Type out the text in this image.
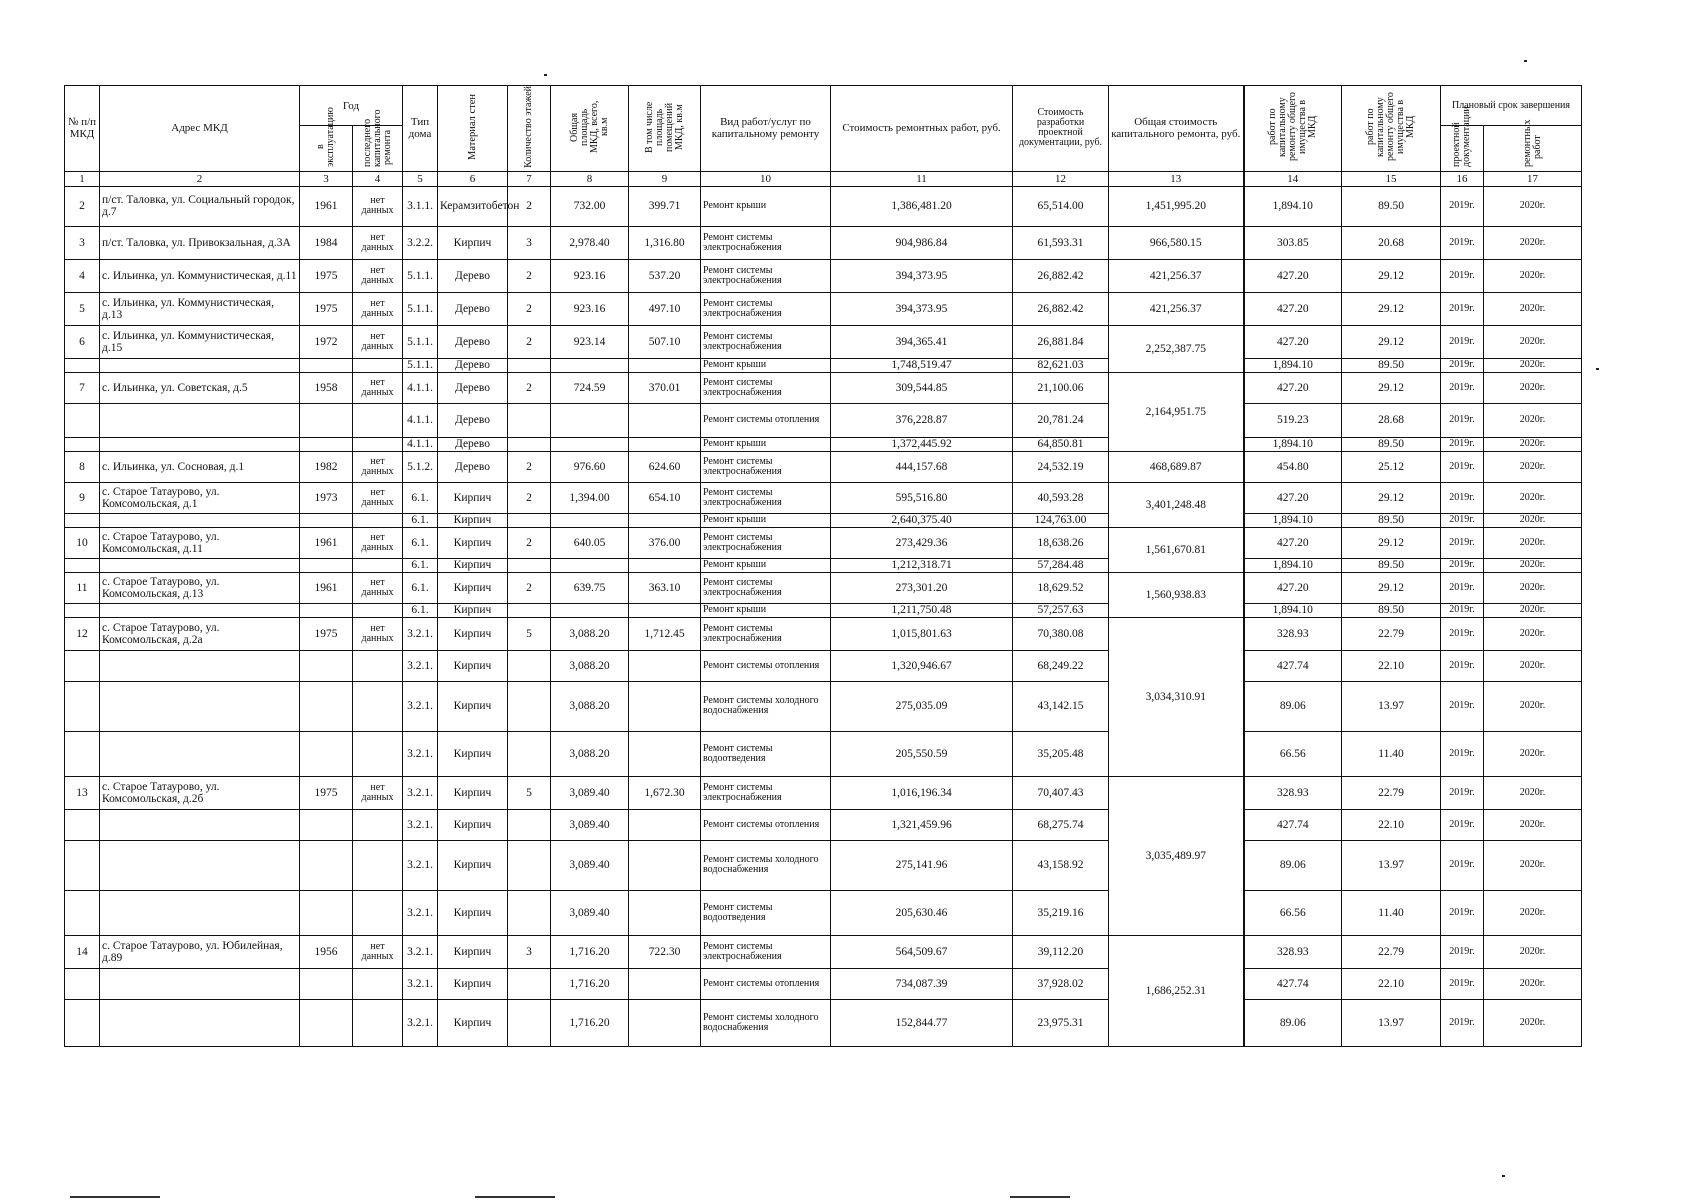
№ п/п МКД	Адрес МКД	Год		Тип дома	Материал стен	Количество этажей	Общая площадь МКД, всего, кв.м	В том числе площадь помещений МКД, кв.м	Вид работ/услуг по капитальному ремонту	Стоимость ремонтных работ, руб.	Стоимость разработки проектной документации, руб.	Общая стоимость капитального ремонта, руб.	работ по капитальному ремонту общего имущества в МКД	работ по капитальному ремонту общего имущества в МКД	Плановый срок завершения	
		в эксплуатацию	последнего капитального ремонта												проектной документации	ремонтных работ
1	2	3	4	5	6	7	8	9	10	11	12	13	14	15	16	17
2	п/ст. Таловка, ул. Социальный городок, д.7	1961	нет данных	3.1.1.	Керамзитобетон	2	732.00	399.71	Ремонт крыши	1,386,481.20	65,514.00	1,451,995.20	1,894.10	89.50	2019г.	2020г.
3	п/ст. Таловка, ул. Привокзальная, д.3А	1984	нет данных	3.2.2.	Кирпич	3	2,978.40	1,316.80	Ремонт системы электроснабжения	904,986.84	61,593.31	966,580.15	303.85	20.68	2019г.	2020г.
4	с. Ильинка, ул. Коммунистическая, д.11	1975	нет данных	5.1.1.	Дерево	2	923.16	537.20	Ремонт системы электроснабжения	394,373.95	26,882.42	421,256.37	427.20	29.12	2019г.	2020г.
5	с. Ильинка, ул. Коммунистическая, д.13	1975	нет данных	5.1.1.	Дерево	2	923.16	497.10	Ремонт системы электроснабжения	394,373.95	26,882.42	421,256.37	427.20	29.12	2019г.	2020г.
6	с. Ильинка, ул. Коммунистическая, д.15	1972	нет данных	5.1.1.	Дерево	2	923.14	507.10	Ремонт системы электроснабжения	394,365.41	26,881.84	2,252,387.75	427.20	29.12	2019г.	2020г.
				5.1.1.	Дерево				Ремонт крыши	1,748,519.47	82,621.03		1,894.10	89.50	2019г.	2020г.
7	с. Ильинка, ул. Советская, д.5	1958	нет данных	4.1.1.	Дерево	2	724.59	370.01	Ремонт системы электроснабжения	309,544.85	21,100.06	2,164,951.75	427.20	29.12	2019г.	2020г.
				4.1.1.	Дерево				Ремонт системы отопления	376,228.87	20,781.24		519.23	28.68	2019г.	2020г.
				4.1.1.	Дерево				Ремонт крыши	1,372,445.92	64,850.81		1,894.10	89.50	2019г.	2020г.
8	с. Ильинка, ул. Сосновая, д.1	1982	нет данных	5.1.2.	Дерево	2	976.60	624.60	Ремонт системы электроснабжения	444,157.68	24,532.19	468,689.87	454.80	25.12	2019г.	2020г.
9	с. Старое Татаурово, ул. Комсомольская, д.1	1973	нет данных	6.1.	Кирпич	2	1,394.00	654.10	Ремонт системы электроснабжения	595,516.80	40,593.28	3,401,248.48	427.20	29.12	2019г.	2020г.
				6.1.	Кирпич				Ремонт крыши	2,640,375.40	124,763.00		1,894.10	89.50	2019г.	2020г.
10	с. Старое Татаурово, ул. Комсомольская, д.11	1961	нет данных	6.1.	Кирпич	2	640.05	376.00	Ремонт системы электроснабжения	273,429.36	18,638.26	1,561,670.81	427.20	29.12	2019г.	2020г.
				6.1.	Кирпич				Ремонт крыши	1,212,318.71	57,284.48		1,894.10	89.50	2019г.	2020г.
11	с. Старое Татаурово, ул. Комсомольская, д.13	1961	нет данных	6.1.	Кирпич	2	639.75	363.10	Ремонт системы электроснабжения	273,301.20	18,629.52	1,560,938.83	427.20	29.12	2019г.	2020г.
				6.1.	Кирпич				Ремонт крыши	1,211,750.48	57,257.63		1,894.10	89.50	2019г.	2020г.
12	с. Старое Татаурово, ул. Комсомольская, д.2а	1975	нет данных	3.2.1.	Кирпич	5	3,088.20	1,712.45	Ремонт системы электроснабжения	1,015,801.63	70,380.08	3,034,310.91	328.93	22.79	2019г.	2020г.
				3.2.1.	Кирпич		3,088.20		Ремонт системы отопления	1,320,946.67	68,249.22		427.74	22.10	2019г.	2020г.
				3.2.1.	Кирпич		3,088.20		Ремонт системы холодного водоснабжения	275,035.09	43,142.15		89.06	13.97	2019г.	2020г.
				3.2.1.	Кирпич		3,088.20		Ремонт системы водоотведения	205,550.59	35,205.48		66.56	11.40	2019г.	2020г.
13	с. Старое Татаурово, ул. Комсомольская, д.2б	1975	нет данных	3.2.1.	Кирпич	5	3,089.40	1,672.30	Ремонт системы электроснабжения	1,016,196.34	70,407.43	3,035,489.97	328.93	22.79	2019г.	2020г.
				3.2.1.	Кирпич		3,089.40		Ремонт системы отопления	1,321,459.96	68,275.74		427.74	22.10	2019г.	2020г.
				3.2.1.	Кирпич		3,089.40		Ремонт системы холодного водоснабжения	275,141.96	43,158.92		89.06	13.97	2019г.	2020г.
				3.2.1.	Кирпич		3,089.40		Ремонт системы водоотведения	205,630.46	35,219.16		66.56	11.40	2019г.	2020г.
14	с. Старое Татаурово, ул. Юбилейная, д.89	1956	нет данных	3.2.1.	Кирпич	3	1,716.20	722.30	Ремонт системы электроснабжения	564,509.67	39,112.20	1,686,252.31	328.93	22.79	2019г.	2020г.
				3.2.1.	Кирпич		1,716.20		Ремонт системы отопления	734,087.39	37,928.02		427.74	22.10	2019г.	2020г.
				3.2.1.	Кирпич		1,716.20		Ремонт системы холодного водоснабжения	152,844.77	23,975.31		89.06	13.97	2019г.	2020г.
